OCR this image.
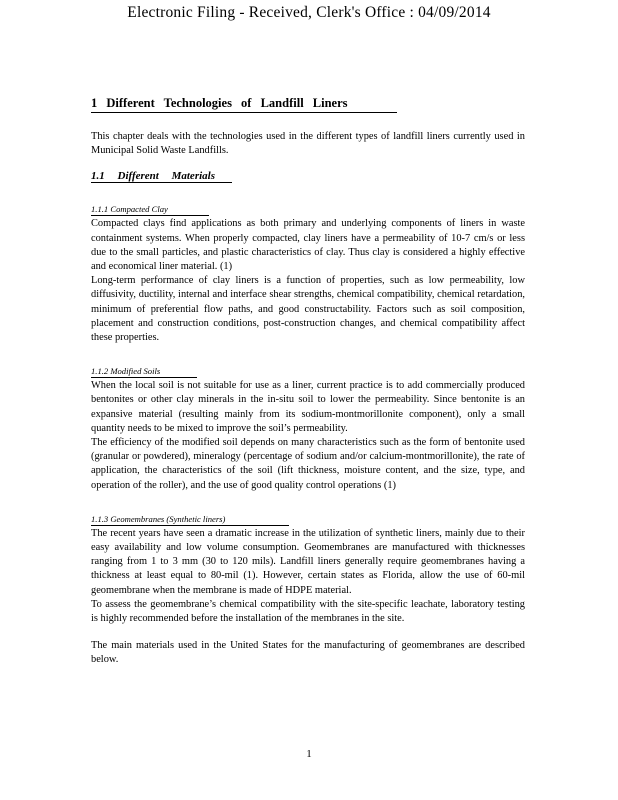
Electronic Filing - Received, Clerk's Office : 04/09/2014
1 Different Technologies of Landfill Liners

This chapter deals with the technologies used in the different types of landfill liners currently used in Municipal Solid Waste Landfills.

1.1 Different Materials
1.1.1 Compacted Clay

Compacted clays find applications as both primary and underlying components of liners in waste containment systems. When properly compacted, clay liners have a permeability of 10-7 cm/s or less due to the small particles, and plastic characteristics of clay. Thus clay is considered a highly effective and economical liner material. (1)

Long-term performance of clay liners is a function of properties, such as low permeability, low diffusivity, ductility, internal and interface shear strengths, chemical compatibility, chemical retardation, minimum of preferential flow paths, and good constructability. Factors such as soil composition, placement and construction conditions, post-construction changes, and chemical compatibility affect these properties.

1.1.2 Modified Soils

When the local soil is not suitable for use as a liner, current practice is to add commercially produced bentonites or other clay minerals in the in-situ soil to lower the permeability. Since bentonite is an expansive material (resulting mainly from its sodium-montmorillonite component), only a small quantity needs to be mixed to improve the soil’s permeability.

The efficiency of the modified soil depends on many characteristics such as the form of bentonite used (granular or powdered), mineralogy (percentage of sodium and/or calcium-montmorillonite), the rate of application, the characteristics of the soil (lift thickness, moisture content, and the size, type, and operation of the roller), and the use of good quality control operations (1)

1.1.3 Geomembranes (Synthetic liners)

The recent years have seen a dramatic increase in the utilization of synthetic liners, mainly due to their easy availability and low volume consumption. Geomembranes are manufactured with thicknesses ranging from 1 to 3 mm (30 to 120 mils). Landfill liners generally require geomembranes having a thickness at least equal to 80-mil (1). However, certain states as Florida, allow the use of 60-mil geomembrane when the membrane is made of HDPE material.

To assess the geomembrane’s chemical compatibility with the site-specific leachate, laboratory testing is highly recommended before the installation of the membranes in the site.

The main materials used in the United States for the manufacturing of geomembranes are described below.

1
